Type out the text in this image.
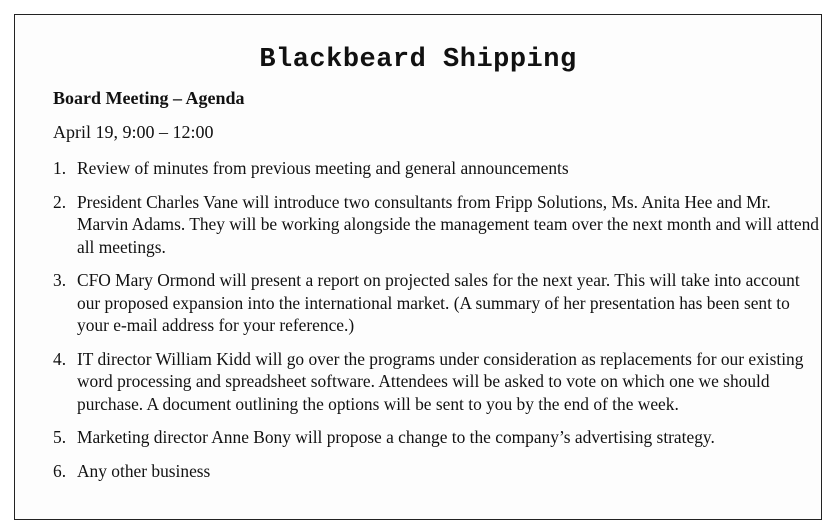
Blackbeard Shipping
Board Meeting – Agenda
April 19, 9:00 – 12:00
1. Review of minutes from previous meeting and general announcements
2. President Charles Vane will introduce two consultants from Fripp Solutions, Ms. Anita Hee and Mr. Marvin Adams. They will be working alongside the management team over the next month and will attend all meetings.
3. CFO Mary Ormond will present a report on projected sales for the next year. This will take into account our proposed expansion into the international market. (A summary of her presentation has been sent to your e-mail address for your reference.)
4. IT director William Kidd will go over the programs under consideration as replacements for our existing word processing and spreadsheet software. Attendees will be asked to vote on which one we should purchase. A document outlining the options will be sent to you by the end of the week.
5. Marketing director Anne Bony will propose a change to the company’s advertising strategy.
6. Any other business
